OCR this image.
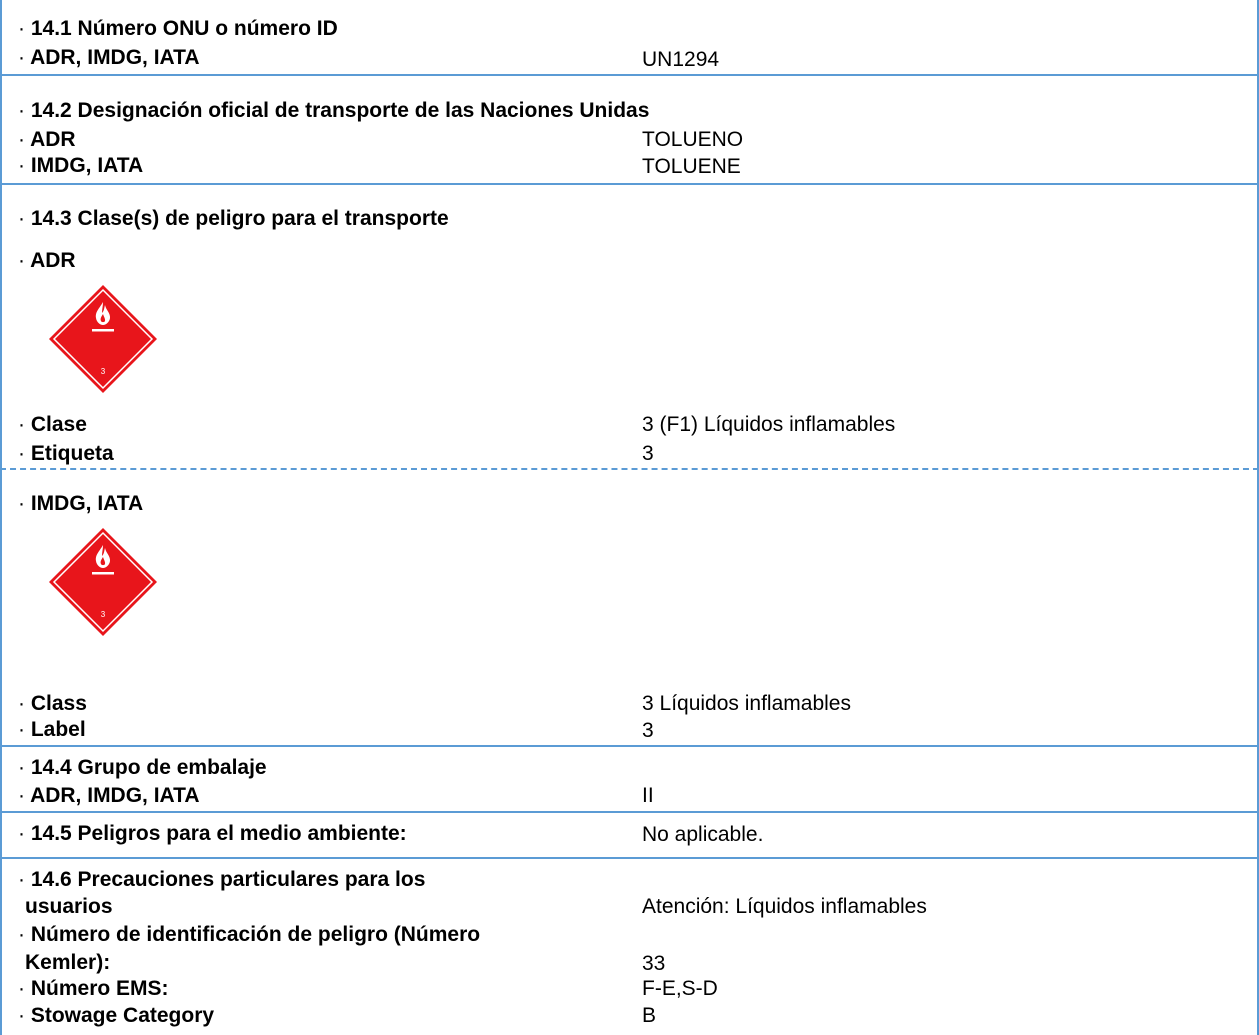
· 14.1 Número ONU o número ID
· ADR, IMDG, IATA	UN1294
· 14.2 Designación oficial de transporte de las Naciones Unidas
· ADR	TOLUENO
· IMDG, IATA	TOLUENE
· 14.3 Clase(s) de peligro para el transporte
· ADR
3
· Clase	3 (F1) Líquidos inflamables
· Etiqueta	3
· IMDG, IATA
3
· Class	3 Líquidos inflamables
· Label	3
· 14.4 Grupo de embalaje
· ADR, IMDG, IATA	II
· 14.5 Peligros para el medio ambiente:	No aplicable.
· 14.6 Precauciones particulares para los
usuarios	Atención: Líquidos inflamables
· Número de identificación de peligro (Número
Kemler):	33
· Número EMS:	F-E,S-D
· Stowage Category	B
